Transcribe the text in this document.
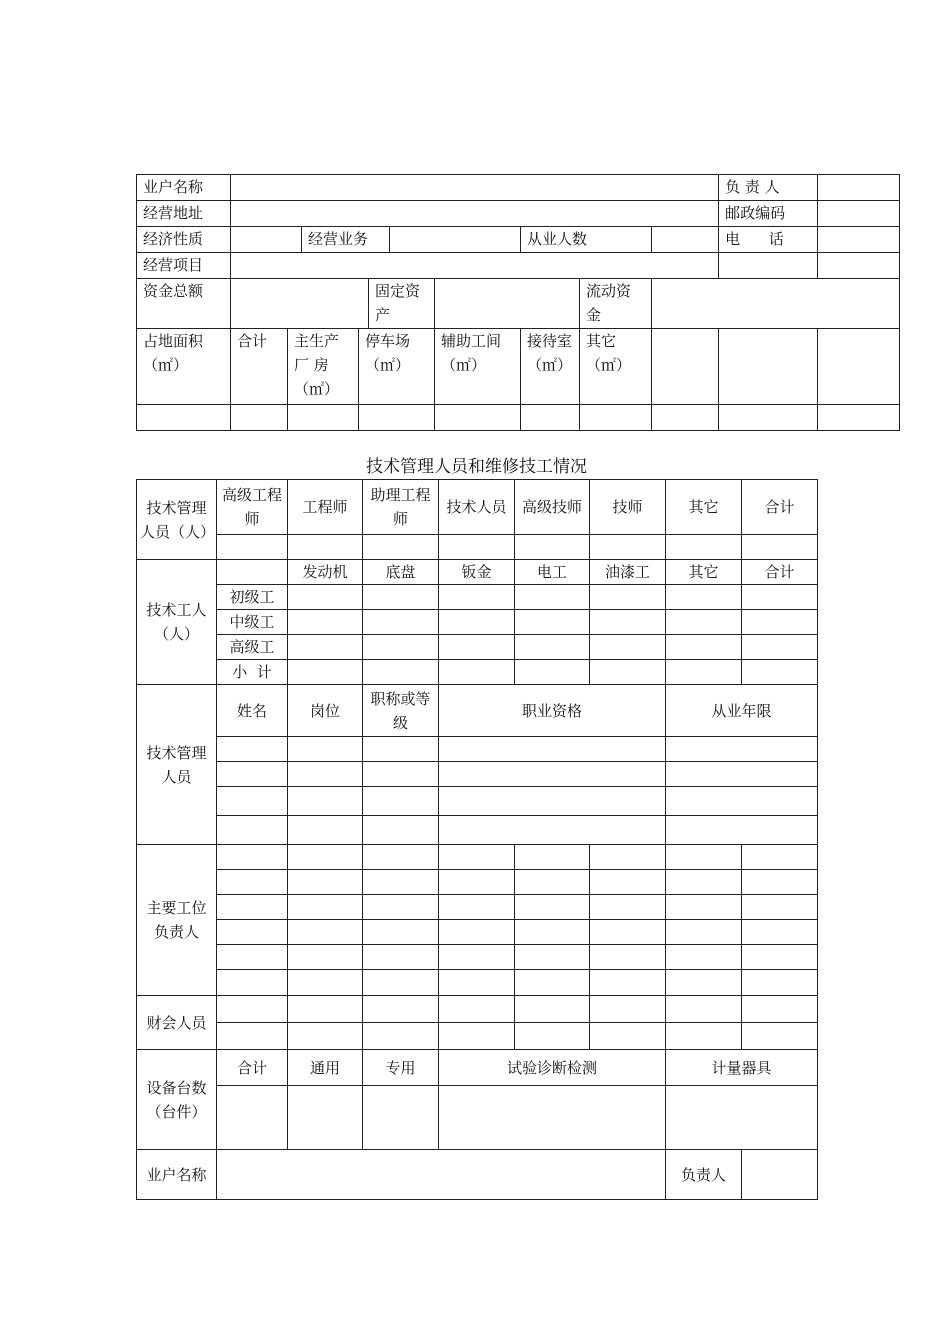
业户名称											负 责 人	
经营地址											邮政编码	
经济性质			经营业务					从业人数			电      话	
经营项目												
资金总额					固定资产				流动资金			
占地面积（㎡）	合计	主生产厂 房（㎡）		停车场（㎡）			辅助工间（㎡）	接待室（㎡）	其它（㎡）			

技术管理人员和维修技工情况
技术管理人员（人）	高级工程师	工程师	助理工程师	技术人员	高级技师	技师	其它	合计

技术工人（人）		发动机	底盘	钣金	电工	油漆工	其它	合计
	初级工							
	中级工							
	高级工							
	小  计							
技术管理人员	姓名	岗位	职称或等级	职业资格			从业年限	

主要工位负责人								

财会人员								

设备台数（台件）	合计	通用	专用	试验诊断检测			计量器具	

业户名称							负责人	
